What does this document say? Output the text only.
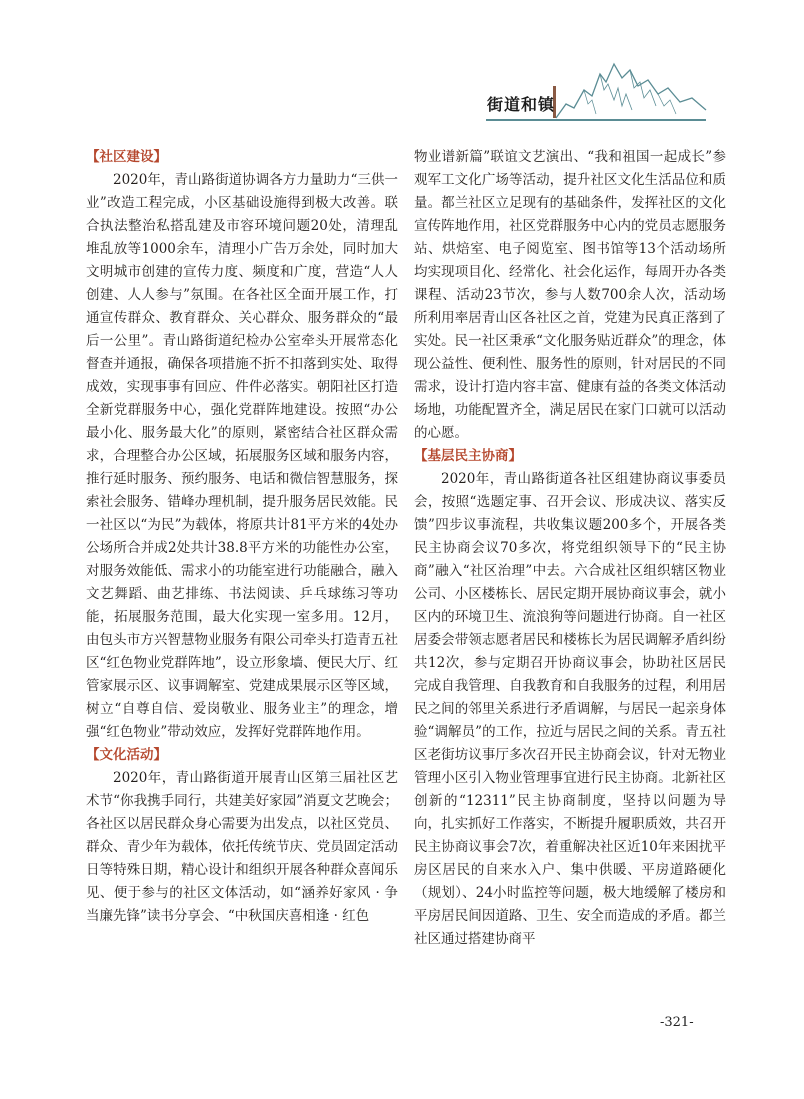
街道和镇
【社区建设】

2020年，青山路街道协调各方力量助力“三供一业”改造工程完成，小区基础设施得到极大改善。联合执法整治私搭乱建及市容环境问题20处，清理乱堆乱放等1000余车，清理小广告万余处，同时加大文明城市创建的宣传力度、频度和广度，营造“人人创建、人人参与”氛围。在各社区全面开展工作，打通宣传群众、教育群众、关心群众、服务群众的“最后一公里”。青山路街道纪检办公室牵头开展常态化督查并通报，确保各项措施不折不扣落到实处、取得成效，实现事事有回应、件件必落实。朝阳社区打造全新党群服务中心，强化党群阵地建设。按照“办公最小化、服务最大化”的原则，紧密结合社区群众需求，合理整合办公区域，拓展服务区域和服务内容，推行延时服务、预约服务、电话和微信智慧服务，探索社会服务、错峰办理机制，提升服务居民效能。民一社区以“为民”为载体，将原共计81平方米的4处办公场所合并成2处共计38.8平方米的功能性办公室，对服务效能低、需求小的功能室进行功能融合，融入文艺舞蹈、曲艺排练、书法阅读、乒乓球练习等功能，拓展服务范围，最大化实现一室多用。12月，由包头市方兴智慧物业服务有限公司牵头打造青五社区“红色物业党群阵地”，设立形象墙、便民大厅、红管家展示区、议事调解室、党建成果展示区等区域，树立“自尊自信、爱岗敬业、服务业主”的理念，增强“红色物业”带动效应，发挥好党群阵地作用。

【文化活动】

2020年，青山路街道开展青山区第三届社区艺术节“你我携手同行，共建美好家园”消夏文艺晚会；各社区以居民群众身心需要为出发点，以社区党员、群众、青少年为载体，依托传统节庆、党员固定活动日等特殊日期，精心设计和组织开展各种群众喜闻乐见、便于参与的社区文体活动，如“涵养好家风 · 争当廉先锋”读书分享会、“中秋国庆喜相逢 · 红色

物业谱新篇”联谊文艺演出、“我和祖国一起成长”参观军工文化广场等活动，提升社区文化生活品位和质量。都兰社区立足现有的基础条件，发挥社区的文化宣传阵地作用，社区党群服务中心内的党员志愿服务站、烘焙室、电子阅览室、图书馆等13个活动场所均实现项目化、经常化、社会化运作，每周开办各类课程、活动23节次，参与人数700余人次，活动场所利用率居青山区各社区之首，党建为民真正落到了实处。民一社区秉承“文化服务贴近群众”的理念，体现公益性、便利性、服务性的原则，针对居民的不同需求，设计打造内容丰富、健康有益的各类文体活动场地，功能配置齐全，满足居民在家门口就可以活动的心愿。

【基层民主协商】

2020年，青山路街道各社区组建协商议事委员会，按照“选题定事、召开会议、形成决议、落实反馈”四步议事流程，共收集议题200多个，开展各类民主协商会议70多次，将党组织领导下的“民主协商”融入“社区治理”中去。六合成社区组织辖区物业公司、小区楼栋长、居民定期开展协商议事会，就小区内的环境卫生、流浪狗等问题进行协商。自一社区居委会带领志愿者居民和楼栋长为居民调解矛盾纠纷共12次，参与定期召开协商议事会，协助社区居民完成自我管理、自我教育和自我服务的过程，利用居民之间的邻里关系进行矛盾调解，与居民一起亲身体验“调解员”的工作，拉近与居民之间的关系。青五社区老街坊议事厅多次召开民主协商会议，针对无物业管理小区引入物业管理事宜进行民主协商。北新社区创新的“12311”民主协商制度，坚持以问题为导向，扎实抓好工作落实，不断提升履职质效，共召开民主协商议事会7次，着重解决社区近10年来困扰平房区居民的自来水入户、集中供暖、平房道路硬化（规划）、24小时监控等问题，极大地缓解了楼房和平房居民间因道路、卫生、安全而造成的矛盾。都兰社区通过搭建协商平

-321-
